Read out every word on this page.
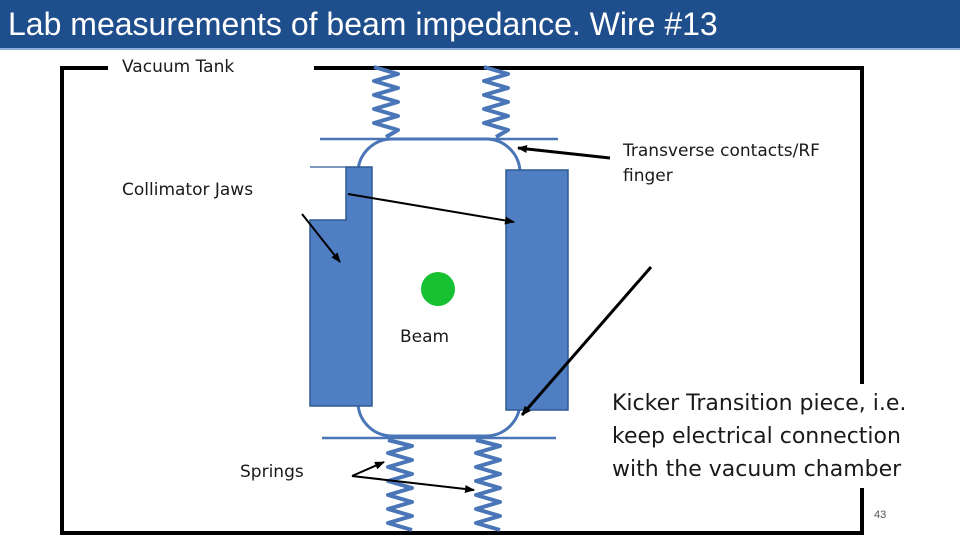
Lab measurements of beam impedance. Wire #13
Vacuum Tank
Collimator Jaws
Transverse contacts/RF
finger
Beam
Springs
Kicker Transition piece, i.e.
keep electrical connection
with the vacuum chamber
43
